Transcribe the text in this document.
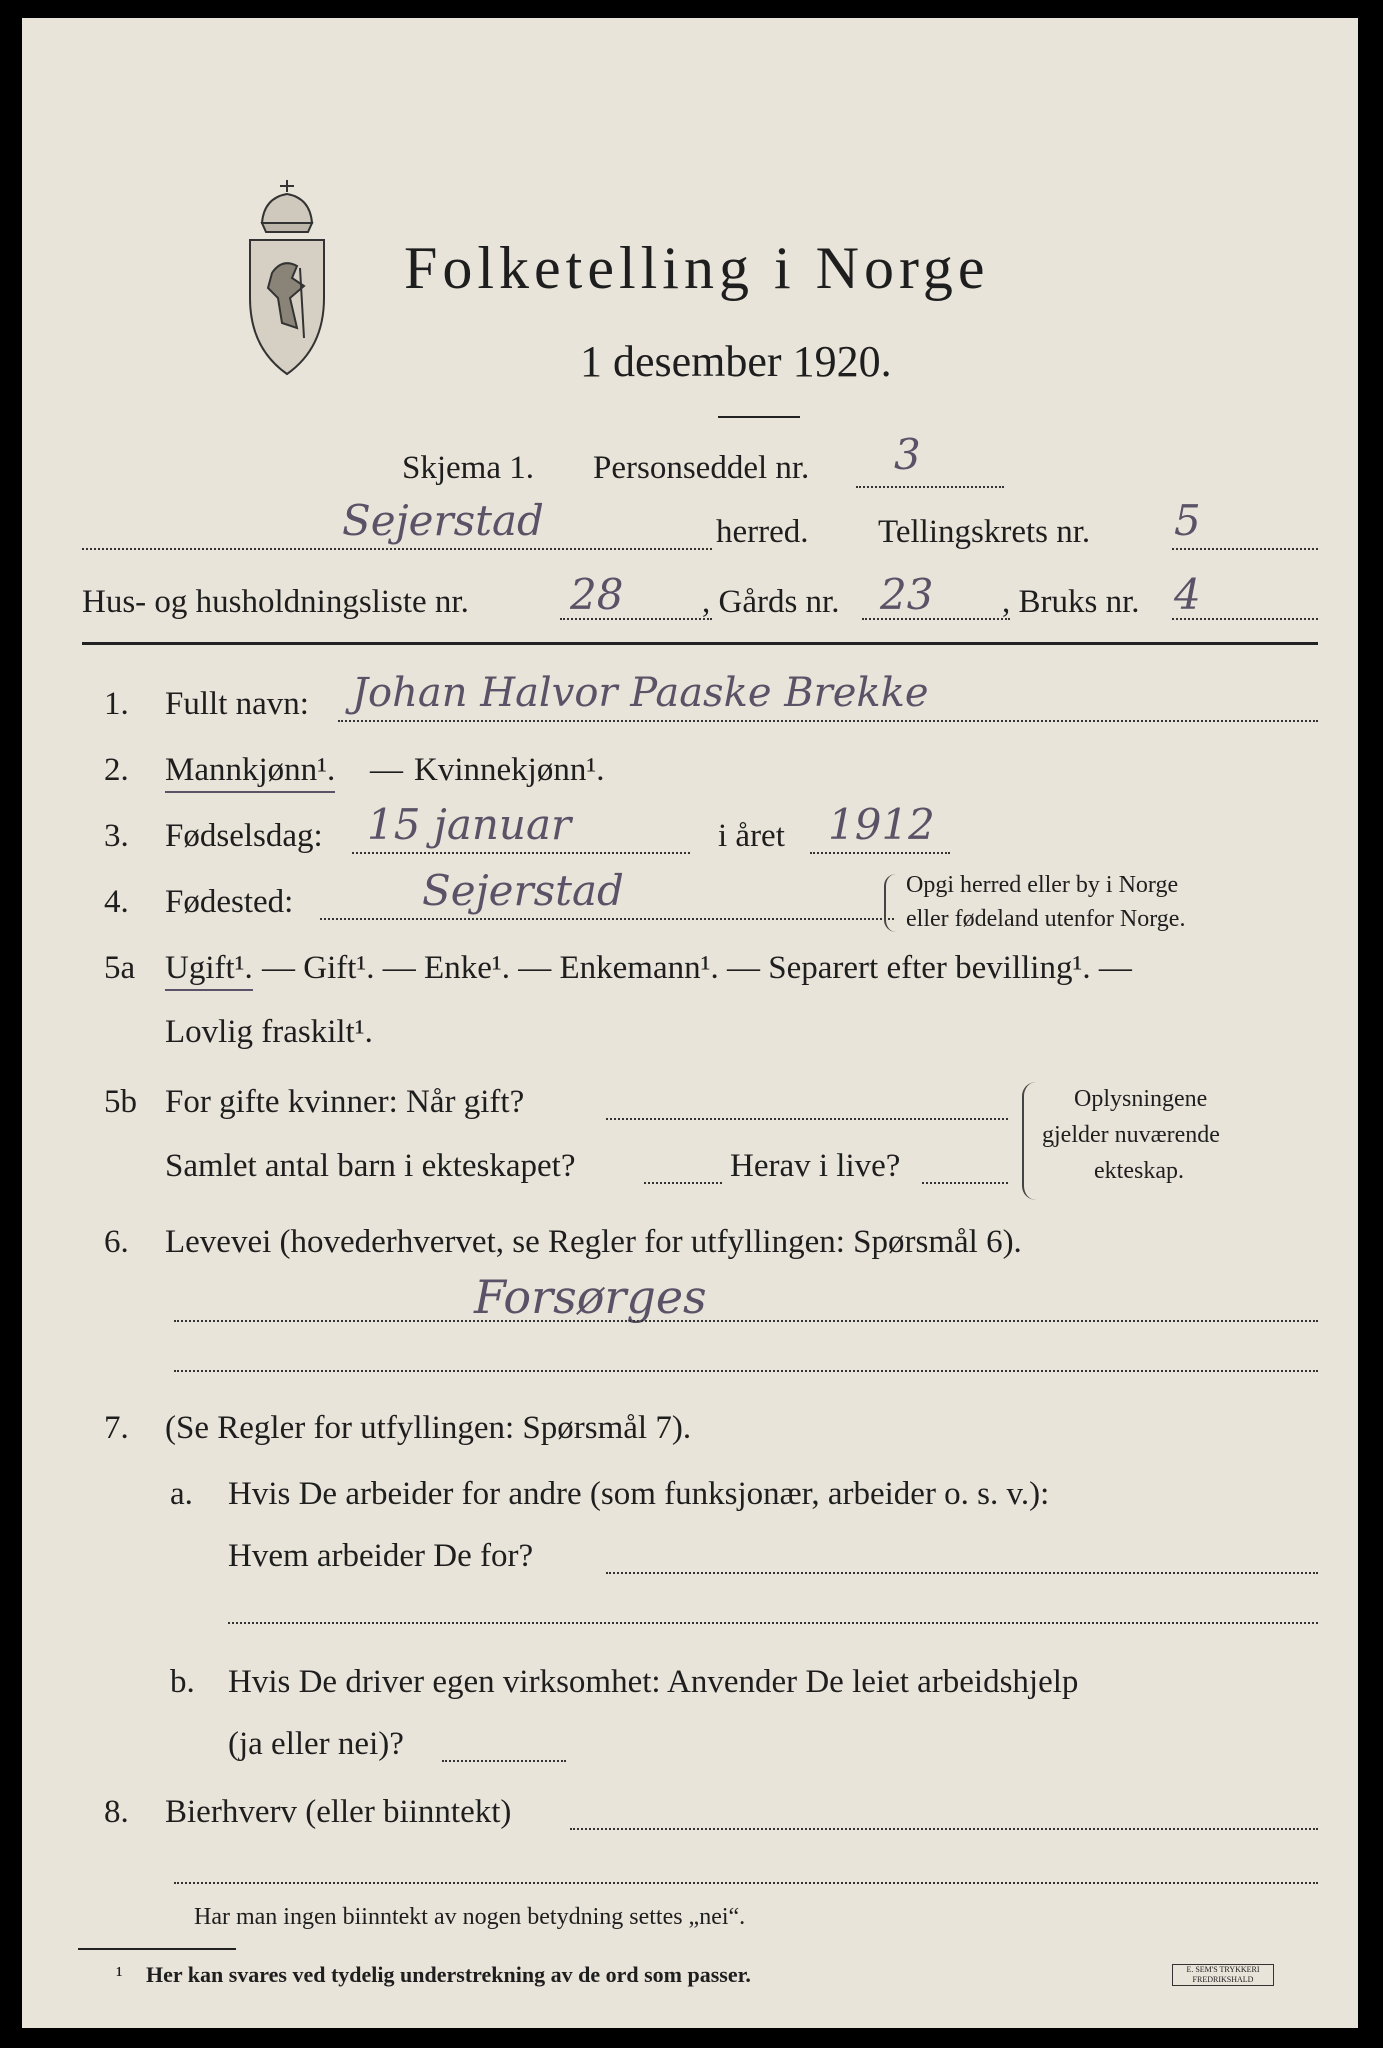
Folketelling i Norge
1 desember 1920.
Skjema 1. Personseddel nr. 3
Sejerstad	herred. Tellingskrets nr. 5
Hus- og husholdningsliste nr. 28 , Gårds nr. 23 , Bruks nr. 4
1. Fullt navn: Johan Halvor Paaske Brekke
2. Mannkjønn¹. — Kvinnekjønn¹.
3. Fødselsdag: 15 januar	i året 1912
4. Fødested:	Sejerstad	Opgi herred eller by i Norge
eller fødeland utenfor Norge.
5a Ugift¹. — Gift¹. — Enke¹. — Enkemann¹. — Separert efter bevilling¹. —
Lovlig fraskilt¹.
5b For gifte kvinner: Når gift?
Samlet antal barn i ekteskapet?	Herav i live?
Oplysningene
gjelder nuværende
ekteskap.
6. Levevei (hovederhvervet, se Regler for utfyllingen: Spørsmål 6).
Forsørges
7. (Se Regler for utfyllingen: Spørsmål 7).
a. Hvis De arbeider for andre (som funksjonær, arbeider o. s. v.):
Hvem arbeider De for?
b. Hvis De driver egen virksomhet: Anvender De leiet arbeidshjelp
(ja eller nei)?
8. Bierhverv (eller biinntekt)
Har man ingen biinntekt av nogen betydning settes „nei“.
¹ Her kan svares ved tydelig understrekning av de ord som passer.	E. SEM'S TRYKKERI FREDRIKSHALD
